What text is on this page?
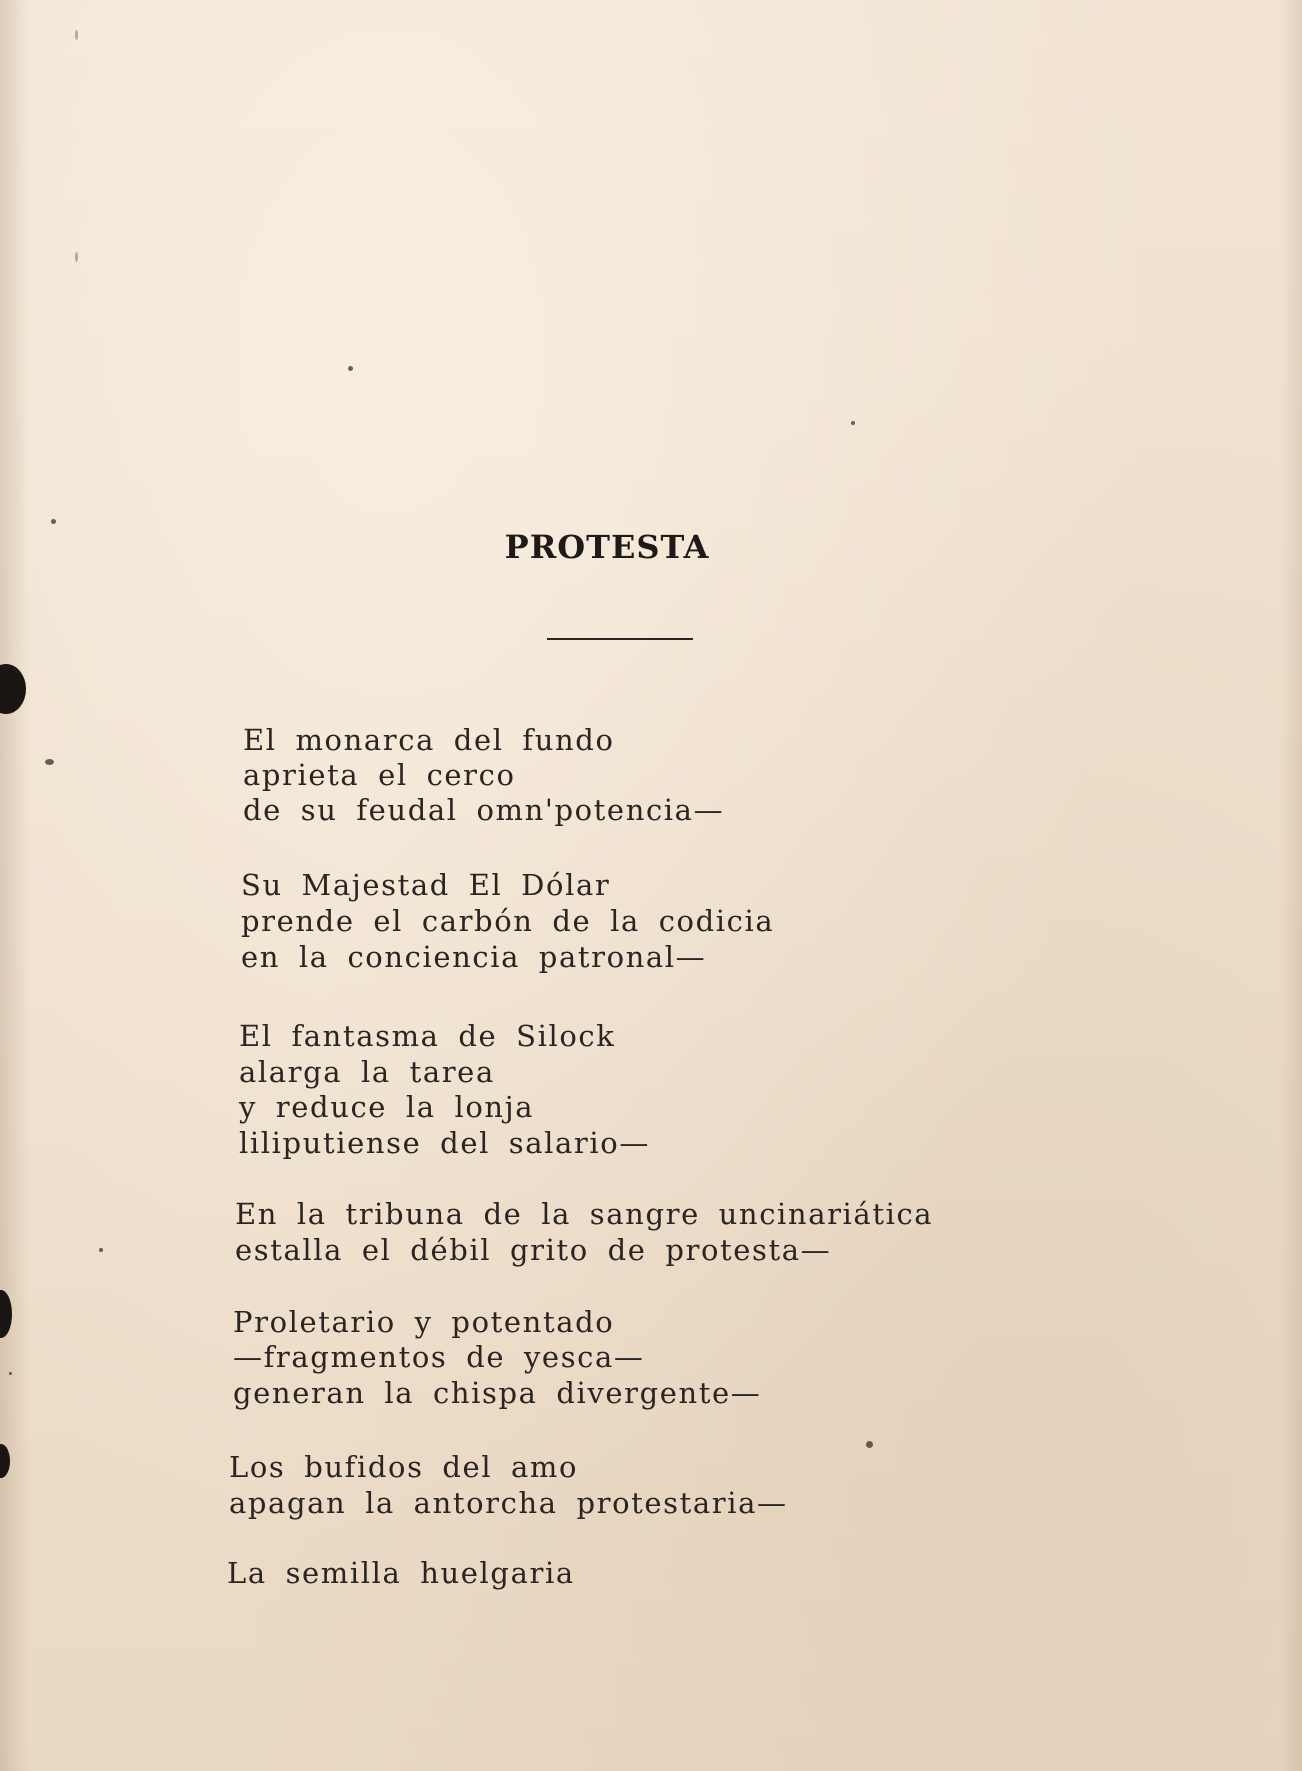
PROTESTA
El monarca del fundo
aprieta el cerco
de su feudal omn'potencia—
Su Majestad El Dólar
prende el carbón de la codicia
en la conciencia patronal—
El fantasma de Silock
alarga la tarea
y reduce la lonja
liliputiense del salario—
En la tribuna de la sangre uncinariática
estalla el débil grito de protesta—
Proletario y potentado
—fragmentos de yesca—
generan la chispa divergente—
Los bufidos del amo
apagan la antorcha protestaria—
La semilla huelgaria
